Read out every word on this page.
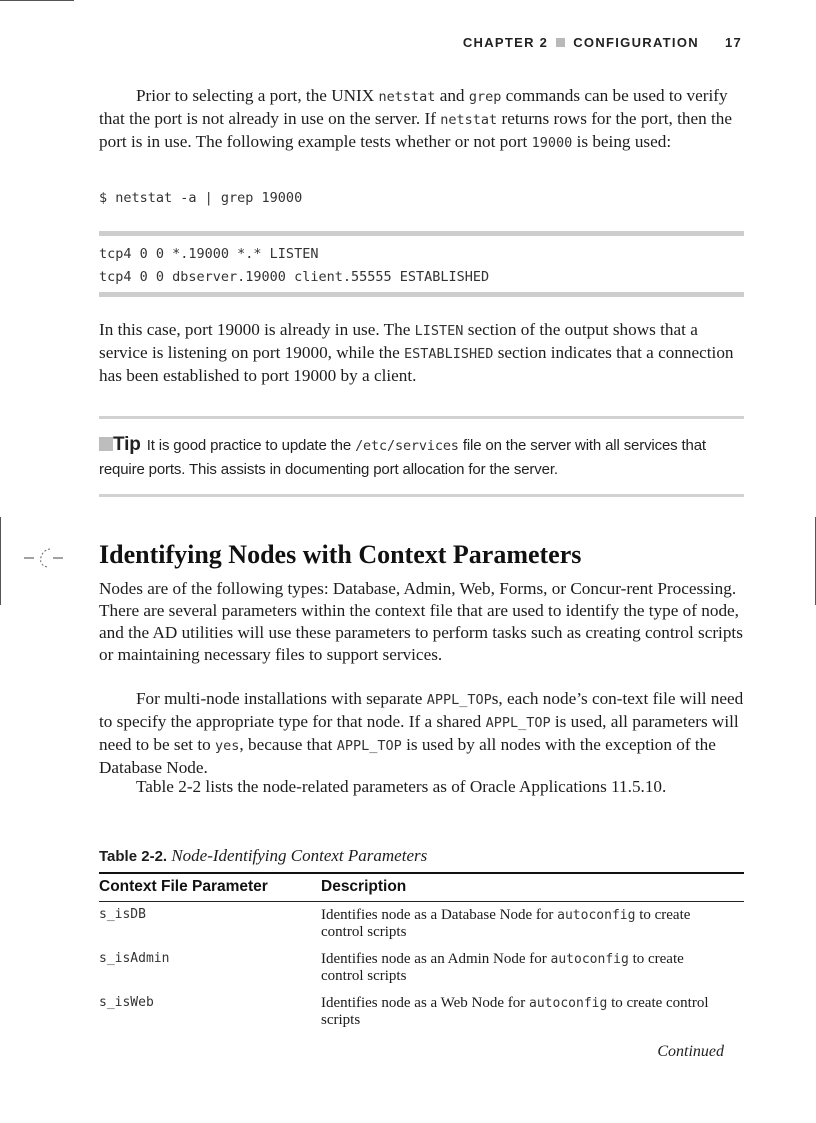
CHAPTER 2 CONFIGURATION 17

Prior to selecting a port, the UNIX netstat and grep commands can be used to verify that the port is not already in use on the server. If netstat returns rows for the port, then the port is in use. The following example tests whether or not port 19000 is being used:

$ netstat -a | grep 19000
tcp4 0 0 *.19000 *.* LISTEN
tcp4 0 0 dbserver.19000 client.55555 ESTABLISHED

In this case, port 19000 is already in use. The LISTEN section of the output shows that a service is listening on port 19000, while the ESTABLISHED section indicates that a connection has been established to port 19000 by a client.

Tip It is good practice to update the /etc/services file on the server with all services that require ports. This assists in documenting port allocation for the server.

Identifying Nodes with Context Parameters

Nodes are of the following types: Database, Admin, Web, Forms, or Concur-rent Processing. There are several parameters within the context file that are used to identify the type of node, and the AD utilities will use these parameters to perform tasks such as creating control scripts or maintaining necessary files to support services.

For multi-node installations with separate APPL_TOPs, each node’s con-text file will need to specify the appropriate type for that node. If a shared APPL_TOP is used, all parameters will need to be set to yes, because that APPL_TOP is used by all nodes with the exception of the Database Node.

Table 2-2 lists the node-related parameters as of Oracle Applications 11.5.10.

Table 2-2. Node-Identifying Context Parameters

Context File Parameter	Description
s_isDB	Identifies node as a Database Node for autoconfig to create control scripts

s_isAdmin	Identifies node as an Admin Node for autoconfig to create control scripts

s_isWeb	Identifies node as a Web Node for autoconfig to create control scripts

Continued
